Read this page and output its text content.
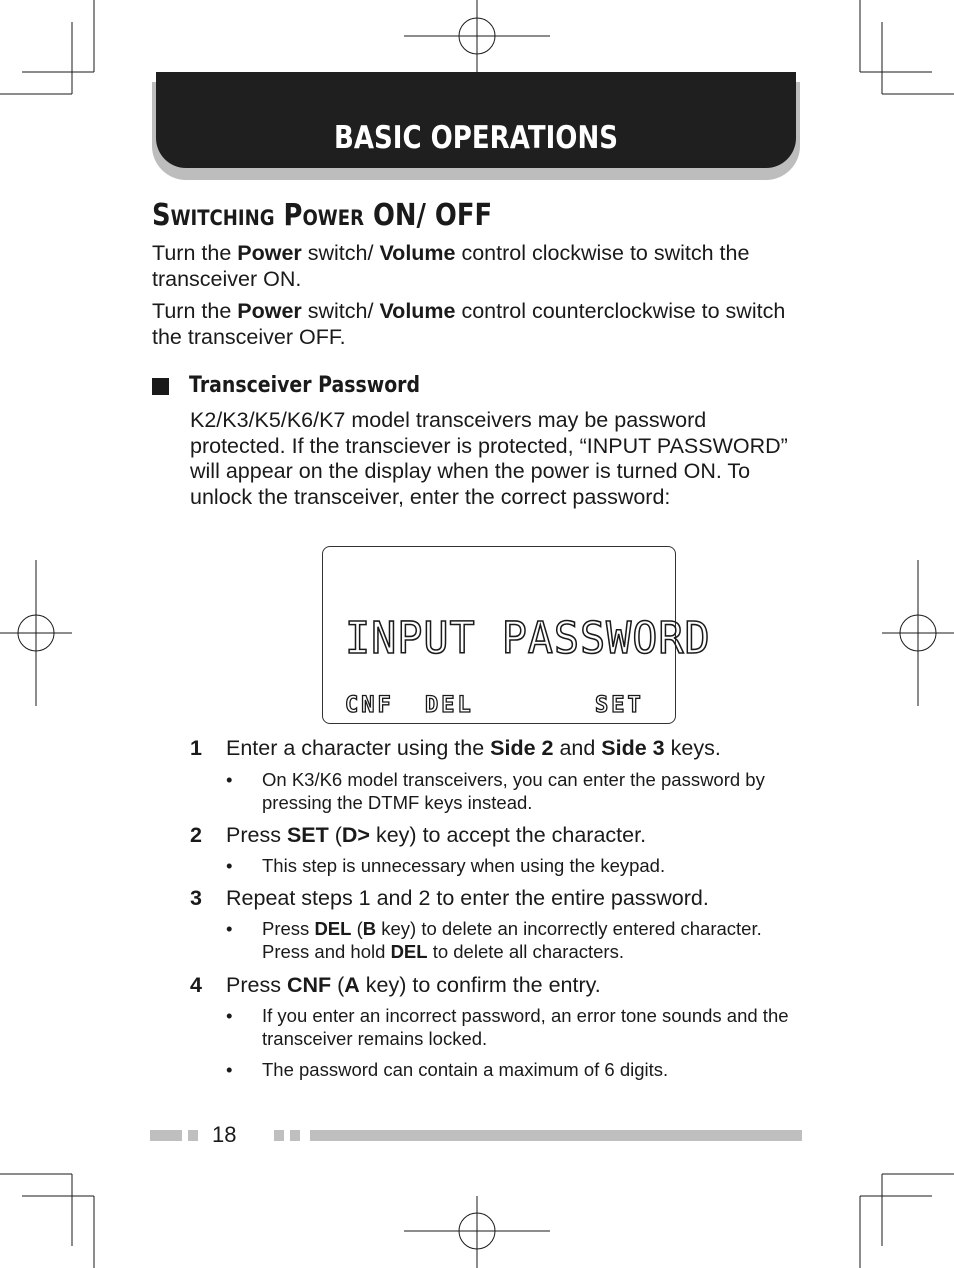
BASIC OPERATIONS
Switching Power ON/ OFF
Turn the Power switch/ Volume control clockwise to switch the transceiver ON.
Turn the Power switch/ Volume control counterclockwise to switch the transceiver OFF.
Transceiver Password
K2/K3/K5/K6/K7 model transceivers may be password protected. If the transciever is protected, “INPUT PASSWORD” will appear on the display when the power is turned ON. To unlock the transceiver, enter the correct password:
INPUT PASSWORD
CNF DEL	SET
1 Enter a character using the Side 2 and Side 3 keys.
• On K3/K6 model transceivers, you can enter the password by pressing the DTMF keys instead.
2 Press SET (D> key) to accept the character.
• This step is unnecessary when using the keypad.
3 Repeat steps 1 and 2 to enter the entire password.
• Press DEL (B key) to delete an incorrectly entered character. Press and hold DEL to delete all characters.
4 Press CNF (A key) to confirm the entry.
• If you enter an incorrect password, an error tone sounds and the transceiver remains locked.
• The password can contain a maximum of 6 digits.
18
